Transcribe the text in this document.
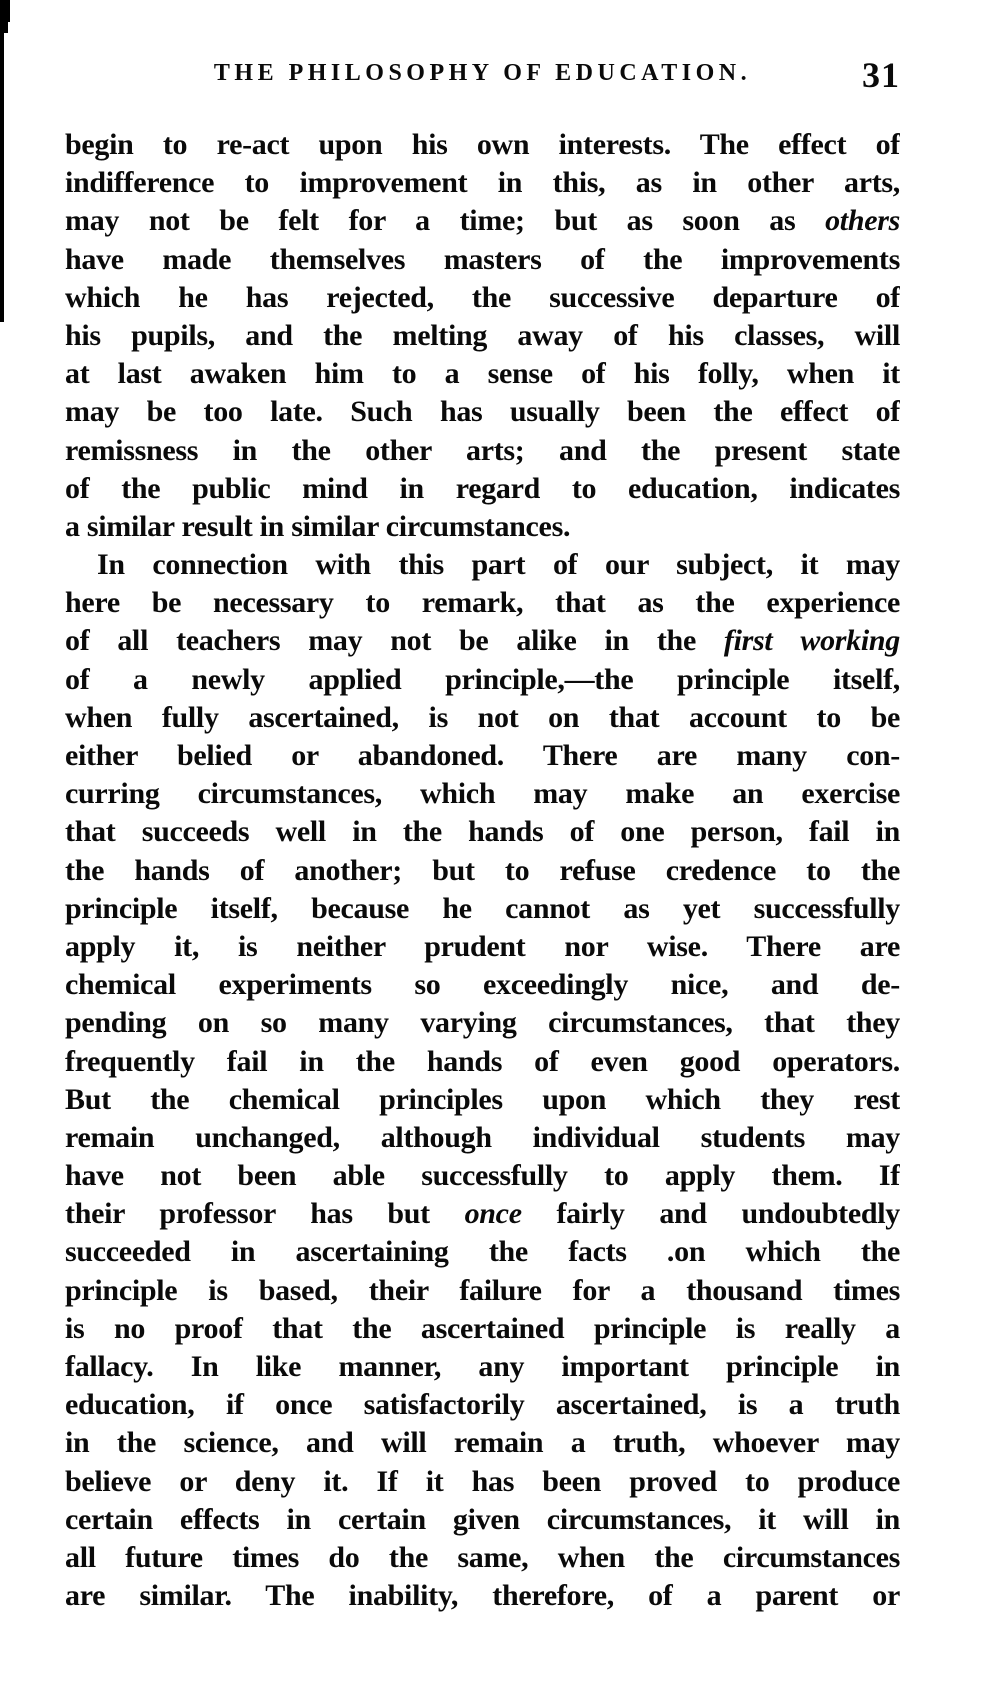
THE PHILOSOPHY OF EDUCATION.	31
begin to re-act upon his own interests. The effect of
indifference to improvement in this, as in other arts,
may not be felt for a time; but as soon as others
have made themselves masters of the improvements
which he has rejected, the successive departure of
his pupils, and the melting away of his classes, will
at last awaken him to a sense of his folly, when it
may be too late. Such has usually been the effect of
remissness in the other arts; and the present state
of the public mind in regard to education, indicates
a similar result in similar circumstances.
In connection with this part of our subject, it may
here be necessary to remark, that as the experience
of all teachers may not be alike in the first working
of a newly applied principle,—the principle itself,
when fully ascertained, is not on that account to be
either belied or abandoned. There are many con-
curring circumstances, which may make an exercise
that succeeds well in the hands of one person, fail in
the hands of another; but to refuse credence to the
principle itself, because he cannot as yet successfully
apply it, is neither prudent nor wise. There are
chemical experiments so exceedingly nice, and de-
pending on so many varying circumstances, that they
frequently fail in the hands of even good operators.
But the chemical principles upon which they rest
remain unchanged, although individual students may
have not been able successfully to apply them. If
their professor has but once fairly and undoubtedly
succeeded in ascertaining the facts .on which the
principle is based, their failure for a thousand times
is no proof that the ascertained principle is really a
fallacy. In like manner, any important principle in
education, if once satisfactorily ascertained, is a truth
in the science, and will remain a truth, whoever may
believe or deny it. If it has been proved to produce
certain effects in certain given circumstances, it will in
all future times do the same, when the circumstances
are similar. The inability, therefore, of a parent or
